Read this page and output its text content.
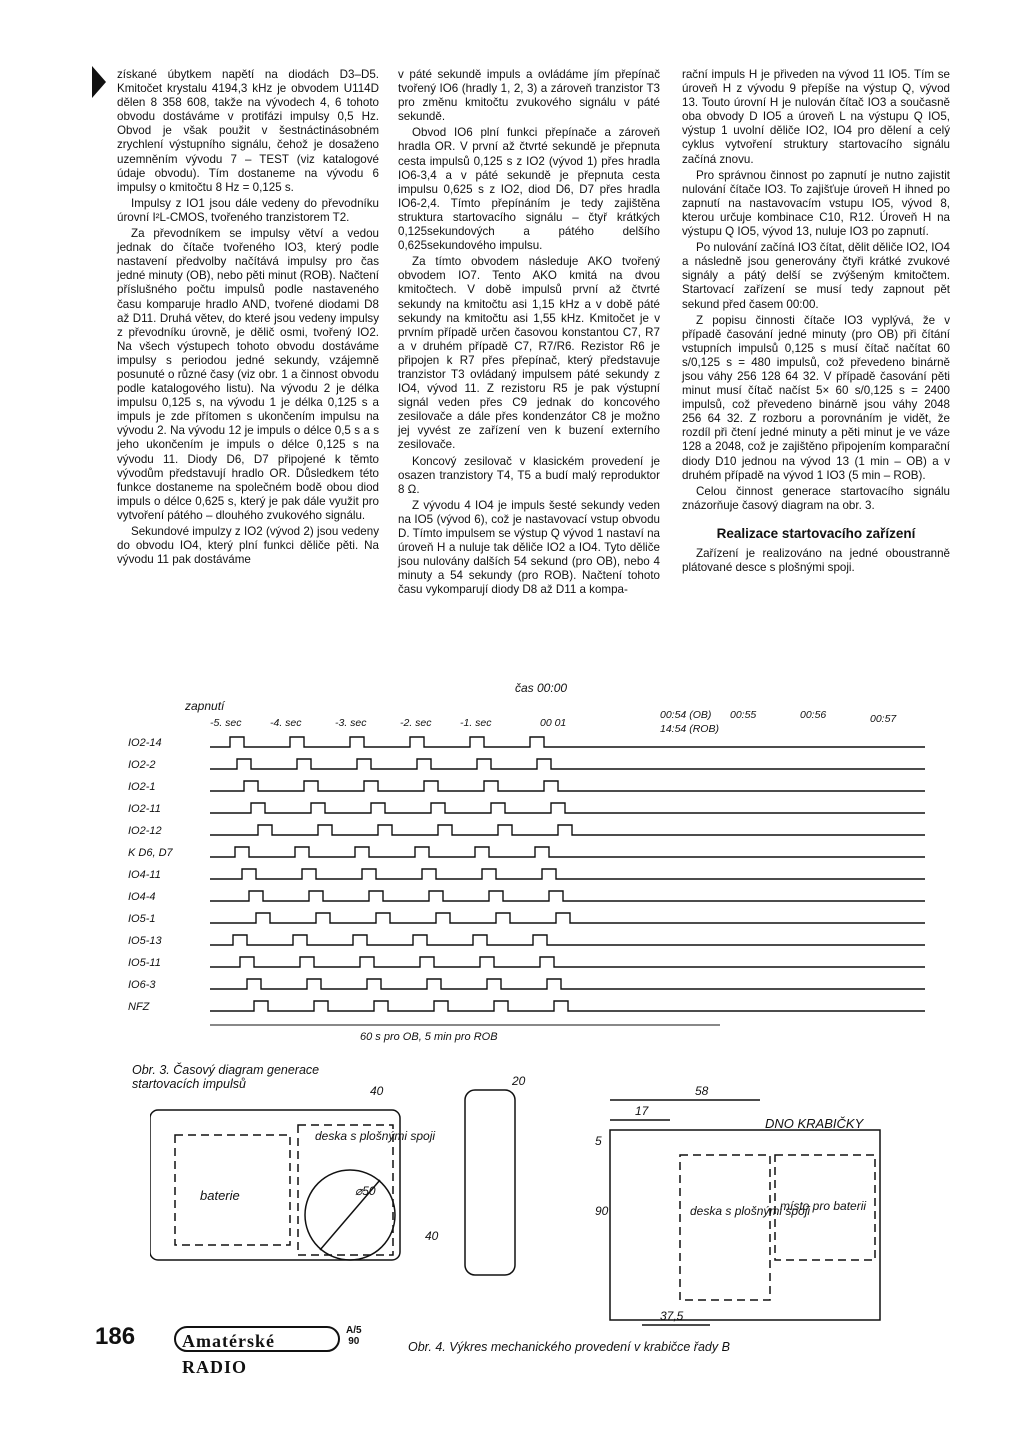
získané úbytkem napětí na diodách D3–D5. Kmitočet krystalu 4194,3 kHz je obvodem U114D dělen 8 358 608, takže na vývodech 4, 6 tohoto obvodu dostáváme v protifázi impulsy 0,5 Hz. Obvod je však použit v šestnáctinásobném zrychlení výstupního signálu, čehož je dosaženo uzemněním vývodu 7 – TEST (viz katalogové údaje obvodu). Tím dostaneme na vývodu 6 impulsy o kmitočtu 8 Hz = 0,125 s.

Impulsy z IO1 jsou dále vedeny do převodníku úrovní I²L-CMOS, tvořeného tranzistorem T2.

Za převodníkem se impulsy větví a vedou jednak do čítače tvořeného IO3, který podle nastavení předvolby načítává impulsy pro čas jedné minuty (OB), nebo pěti minut (ROB). Načtení příslušného počtu impulsů podle nastaveného času komparuje hradlo AND, tvořené diodami D8 až D11. Druhá větev, do které jsou vedeny impulsy z převodníku úrovně, je dělič osmi, tvořený IO2. Na všech výstupech tohoto obvodu dostáváme impulsy s periodou jedné sekundy, vzájemně posunuté o různé časy (viz obr. 1 a činnost obvodu podle katalogového listu). Na vývodu 2 je délka impulsu 0,125 s, na vývodu 1 je délka 0,125 s a impuls je zde přítomen s ukončením impulsu na vývodu 2. Na vývodu 12 je impuls o délce 0,5 s a s jeho ukončením je impuls o délce 0,125 s na vývodu 11. Diody D6, D7 připojené k těmto vývodům představují hradlo OR. Důsledkem této funkce dostaneme na společném bodě obou diod impuls o délce 0,625 s, který je pak dále využit pro vytvoření pátého – dlouhého zvukového signálu.

Sekundové impulzy z IO2 (vývod 2) jsou vedeny do obvodu IO4, který plní funkci děliče pěti. Na vývodu 11 pak dostáváme

v páté sekundě impuls a ovládáme jím přepínač tvořený IO6 (hradly 1, 2, 3) a zároveň tranzistor T3 pro změnu kmitočtu zvukového signálu v páté sekundě.

Obvod IO6 plní funkci přepínače a zároveň hradla OR. V první až čtvrté sekundě je přepnuta cesta impulsů 0,125 s z IO2 (vývod 1) přes hradla IO6-3,4 a v páté sekundě je přepnuta cesta impulsu 0,625 s z IO2, diod D6, D7 přes hradla IO6-2,4. Tímto přepínáním je tedy zajištěna struktura startovacího signálu – čtyř krátkých 0,125sekundových a pátého delšího 0,625sekundového impulsu.

Za tímto obvodem následuje AKO tvořený obvodem IO7. Tento AKO kmitá na dvou kmitočtech. V době impulsů první až čtvrté sekundy na kmitočtu asi 1,15 kHz a v době páté sekundy na kmitočtu asi 1,55 kHz. Kmitočet je v prvním případě určen časovou konstantou C7, R7 a v druhém případě C7, R7/R6. Rezistor R6 je připojen k R7 přes přepínač, který představuje tranzistor T3 ovládaný impulsem páté sekundy z IO4, vývod 11. Z rezistoru R5 je pak výstupní signál veden přes C9 jednak do koncového zesilovače a dále přes kondenzátor C8 je možno jej vyvést ze zařízení ven k buzení externího zesilovače.

Koncový zesilovač v klasickém provedení je osazen tranzistory T4, T5 a budí malý reproduktor 8 Ω.

Z vývodu 4 IO4 je impuls šesté sekundy veden na IO5 (vývod 6), což je nastavovací vstup obvodu D. Tímto impulsem se výstup Q vývod 1 nastaví na úroveň H a nuluje tak děliče IO2 a IO4. Tyto děliče jsou nulovány dalších 54 sekund (pro OB), nebo 4 minuty a 54 sekundy (pro ROB). Načtení tohoto času vykomparují diody D8 až D11 a kompa-

rační impuls H je přiveden na vývod 11 IO5. Tím se úroveň H z vývodu 9 přepíše na výstup Q, vývod 13. Touto úrovní H je nulován čítač IO3 a současně oba obvody D IO5 a úroveň L na výstupu Q IO5, výstup 1 uvolní děliče IO2, IO4 pro dělení a celý cyklus vytvoření struktury startovacího signálu začíná znovu.

Pro správnou činnost po zapnutí je nutno zajistit nulování čítače IO3. To zajišťuje úroveň H ihned po zapnutí na nastavovacím vstupu IO5, vývod 8, kterou určuje kombinace C10, R12. Úroveň H na výstupu Q IO5, vývod 13, nuluje IO3 po zapnutí.

Po nulování začíná IO3 čítat, dělit děliče IO2, IO4 a následně jsou generovány čtyři krátké zvukové signály a pátý delší se zvýšeným kmitočtem. Startovací zařízení se musí tedy zapnout pět sekund před časem 00:00.

Z popisu činnosti čítače IO3 vyplývá, že v případě časování jedné minuty (pro OB) při čítání vstupních impulsů 0,125 s musí čítač načítat 60 s/0,125 s = 480 impulsů, což převedeno binárně jsou váhy 256 128 64 32. V případě časování pěti minut musí čítač načíst 5× 60 s/0,125 s = 2400 impulsů, což převedeno binárně jsou váhy 2048 256 64 32. Z rozboru a porovnáním je vidět, že rozdíl při čtení jedné minuty a pěti minut je ve váze 128 a 2048, což je zajištěno připojením komparační diody D10 jednou na vývod 13 (1 min – OB) a v druhém případě na vývod 1 IO3 (5 min – ROB).

Celou činnost generace startovacího signálu znázorňuje časový diagram na obr. 3.

Realizace startovacího zařízení

Zařízení je realizováno na jedné oboustranně plátované desce s plošnými spoji.

IO2-14
IO2-2
IO2-1
IO2-11
IO2-12
K D6, D7
IO4-11
IO4-4
IO5-1
IO5-13
IO5-11
IO6-3
NFZ
zapnutí
čas 00:00
-5. sec	-4. sec	-3. sec	-2. sec	-1. sec	00 01
00:54 (OB)
14:54 (ROB)
00:55	00:56	00:57
60 s pro OB, 5 min pro ROB
Obr. 3. Časový diagram generace startovacích impulsů
baterie
deska s plošnými spoji
deska s plošnými spoji
místo pro baterii
DNO KRABIČKY
40
20
58
17
5
90
37,5
40
⌀50
186	Amatérské RADIO
A/5
90	Obr. 4. Výkres mechanického provedení v krabičce řady B
